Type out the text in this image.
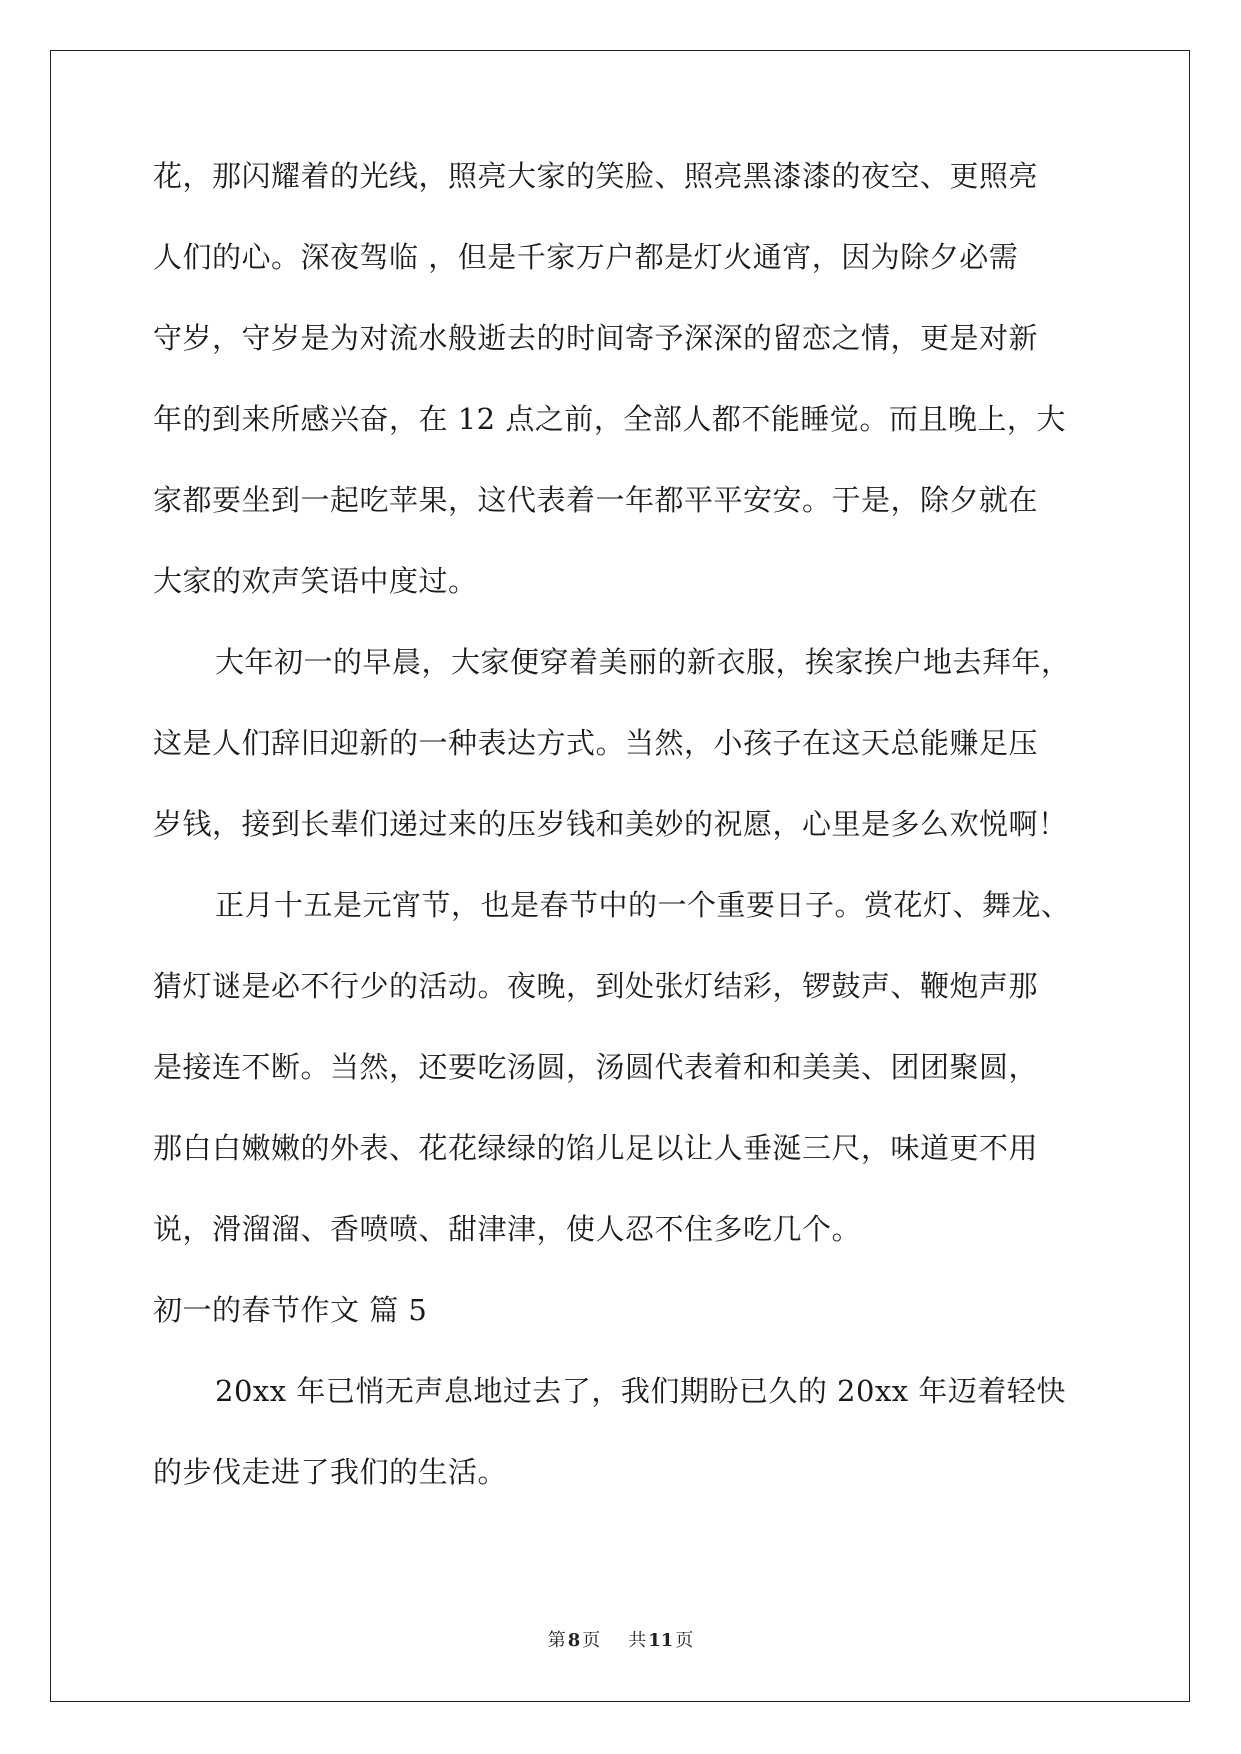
花，那闪耀着的光线，照亮大家的笑脸、照亮黑漆漆的夜空、更照亮
人们的心。深夜驾临 ，但是千家万户都是灯火通宵，因为除夕必需
守岁，守岁是为对流水般逝去的时间寄予深深的留恋之情，更是对新
年的到来所感兴奋，在 12 点之前，全部人都不能睡觉。而且晚上，大
家都要坐到一起吃苹果，这代表着一年都平平安安。于是，除夕就在
大家的欢声笑语中度过。
大年初一的早晨，大家便穿着美丽的新衣服，挨家挨户地去拜年，
这是人们辞旧迎新的一种表达方式。当然，小孩子在这天总能赚足压
岁钱，接到长辈们递过来的压岁钱和美妙的祝愿，心里是多么欢悦啊！
正月十五是元宵节，也是春节中的一个重要日子。赏花灯、舞龙、
猜灯谜是必不行少的活动。夜晚，到处张灯结彩，锣鼓声、鞭炮声那
是接连不断。当然，还要吃汤圆，汤圆代表着和和美美、团团聚圆，
那白白嫩嫩的外表、花花绿绿的馅儿足以让人垂涎三尺，味道更不用
说，滑溜溜、香喷喷、甜津津，使人忍不住多吃几个。
初一的春节作文 篇 5
20xx 年已悄无声息地过去了，我们期盼已久的 20xx 年迈着轻快
的步伐走进了我们的生活。
第 8 页 共 11 页
